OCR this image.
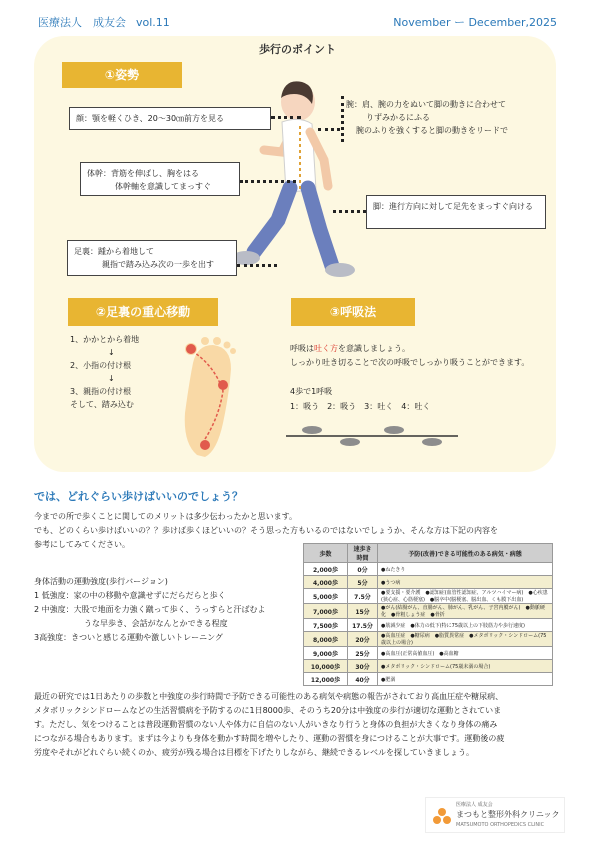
医療法人　成友会 vol.11	November ー December,2025
歩行のポイント
①姿勢
顔：顎を軽くひき、20〜30㎝前方を見る
体幹：背筋を伸ばし、胸をはる
体幹軸を意識してまっすぐ
足裏：踵から着地して
親指で踏み込み次の一歩を出す
腕：肩、腕の力をぬいて脚の動きに合わせて
りずみかるにふる
腕のふりを強くすると脚の動きをリードで
脚：進行方向に対して足先をまっすぐ向ける
②足裏の重心移動
1、かかとから着地
↓
2、小指の付け根
↓
3、親指の付け根
そして、踏み込む
③呼吸法
呼吸は吐く方を意識しましょう。
しっかり吐き切ることで次の呼吸でしっかり吸うことができます。
4歩で1呼吸
1：吸う　2：吸う　3：吐く　4：吐く
では、どれぐらい歩けばいいのでしょう？
今までの所で歩くことに関してのメリットは多少伝わったかと思います。
でも、どのくらい歩けばいいの？？歩けば歩くほどいいの？そう思った方もいるのではないでしょうか、そんな方は下記の内容を
参考にしてみてください。
身体活動の運動強度(歩行バージョン)
1 低強度：家の中の移動や意識せずにだらだらと歩く
2 中強度：大股で地面を力強く蹴って歩く、うっすらと汗ばむよ
うな早歩き、会話がなんとかできる程度
3高強度：きついと感じる運動や激しいトレーニング
歩数	速歩き時間	予防(改善)できる可能性のある病気・病態
2,000歩	0分	●ねたきり
4,000歩	5分	●うつ病
5,000歩	7.5分	●要支援・要介護　●認知症(血管性認知症、アルツハイマー病)　●心疾患(狭心症、心筋梗塞)　●脳卒中(脳梗塞、脳出血、くも膜下出血)
7,000歩	15分	●がん(結腸がん、直腸がん、肺がん、乳がん、子宮内膜がん)　●動脈硬化　●骨粗しょう症　●骨折
7,500歩	17.5分	●筋減少症　●体力の低下(特に75歳以上の下肢筋力や歩行速度)
8,000歩	20分	●高血圧症　●糖尿病　●脂質異常症　●メタボリック・シンドローム(75歳以上の場合)
9,000歩	25分	●高血圧(正常高値血圧)　●高血糖
10,000歩	30分	●メタボリック・シンドローム(75歳未満の場合)
12,000歩	40分	●肥満
最近の研究では1日あたりの歩数と中強度の歩行時間で予防できる可能性のある病気や病態の報告がされており高血圧症や糖尿病、
メタボリックシンドロームなどの生活習慣病を予防するのに1日8000歩、そのうち20分は中強度の歩行が適切な運動とされていま
す。ただし、気をつけることは普段運動習慣のない人や体力に自信のない人がいきなり行うと身体の負担が大きくなり身体の痛み
につながる場合もあります。まずは今よりも身体を動かす時間を増やしたり、運動の習慣を身につけることが大事です。運動後の疲
労度やそれがどれぐらい続くのか、疲労が残る場合は目標を下げたりしながら、継続できるレベルを探していきましょう。
医療法人 成友会
まつもと整形外科クリニック
MATSUMOTO ORTHOPEDICS CLINIC
